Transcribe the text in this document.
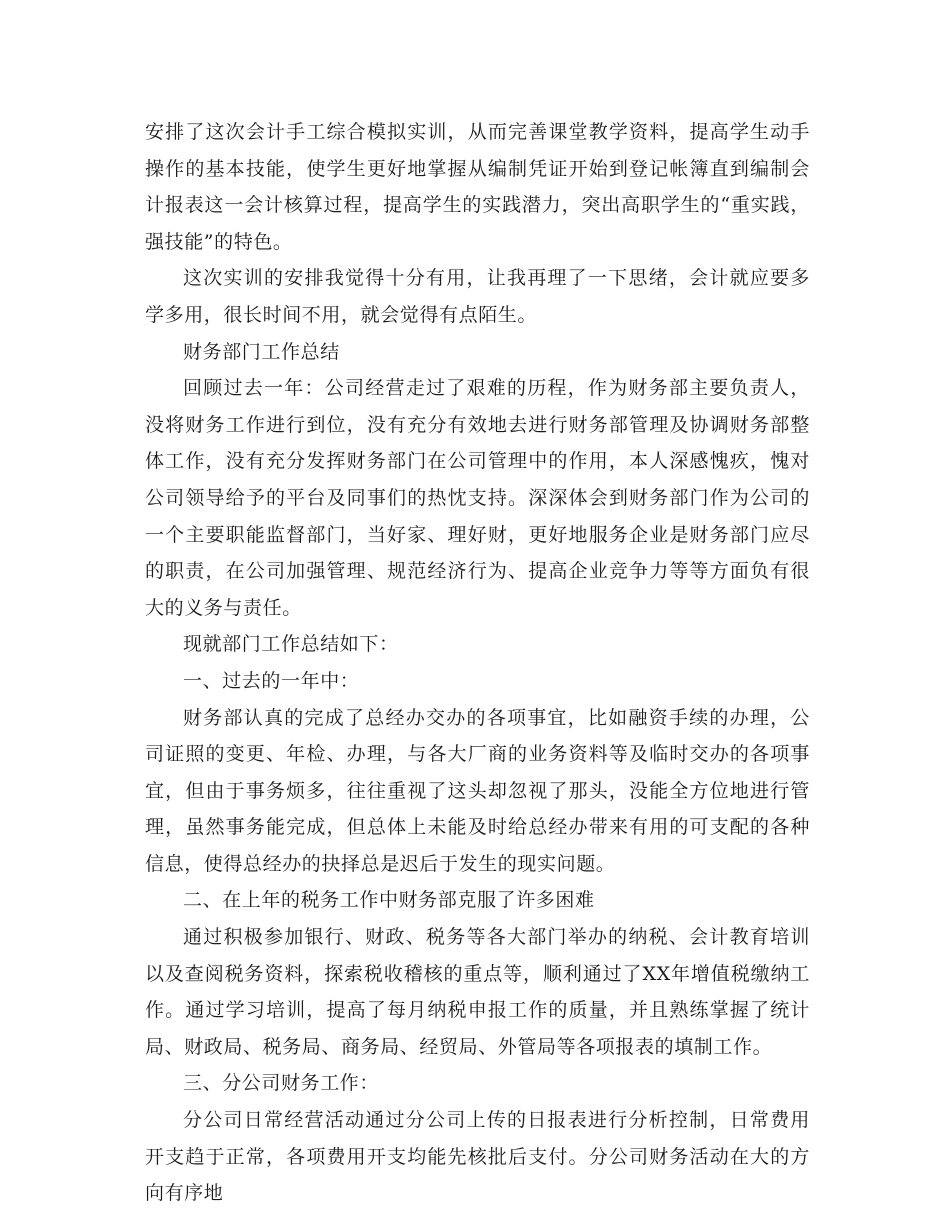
安排了这次会计手工综合模拟实训，从而完善课堂教学资料，提高学生动手操作的基本技能，使学生更好地掌握从编制凭证开始到登记帐簿直到编制会计报表这一会计核算过程，提高学生的实践潜力，突出高职学生的“重实践，强技能”的特色。

这次实训的安排我觉得十分有用，让我再理了一下思绪，会计就应要多学多用，很长时间不用，就会觉得有点陌生。

财务部门工作总结

回顾过去一年：公司经营走过了艰难的历程，作为财务部主要负责人，没将财务工作进行到位，没有充分有效地去进行财务部管理及协调财务部整体工作，没有充分发挥财务部门在公司管理中的作用，本人深感愧疚，愧对公司领导给予的平台及同事们的热忱支持。深深体会到财务部门作为公司的一个主要职能监督部门，当好家、理好财，更好地服务企业是财务部门应尽的职责，在公司加强管理、规范经济行为、提高企业竞争力等等方面负有很大的义务与责任。

现就部门工作总结如下：

一、过去的一年中：

财务部认真的完成了总经办交办的各项事宜，比如融资手续的办理，公司证照的变更、年检、办理，与各大厂商的业务资料等及临时交办的各项事宜，但由于事务烦多，往往重视了这头却忽视了那头，没能全方位地进行管理，虽然事务能完成，但总体上未能及时给总经办带来有用的可支配的各种信息，使得总经办的抉择总是迟后于发生的现实问题。

二、在上年的税务工作中财务部克服了许多困难

通过积极参加银行、财政、税务等各大部门举办的纳税、会计教育培训以及查阅税务资料，探索税收稽核的重点等，顺利通过了XX年增值税缴纳工作。通过学习培训，提高了每月纳税申报工作的质量，并且熟练掌握了统计局、财政局、税务局、商务局、经贸局、外管局等各项报表的填制工作。

三、分公司财务工作：

分公司日常经营活动通过分公司上传的日报表进行分析控制，日常费用开支趋于正常，各项费用开支均能先核批后支付。分公司财务活动在大的方向有序地
